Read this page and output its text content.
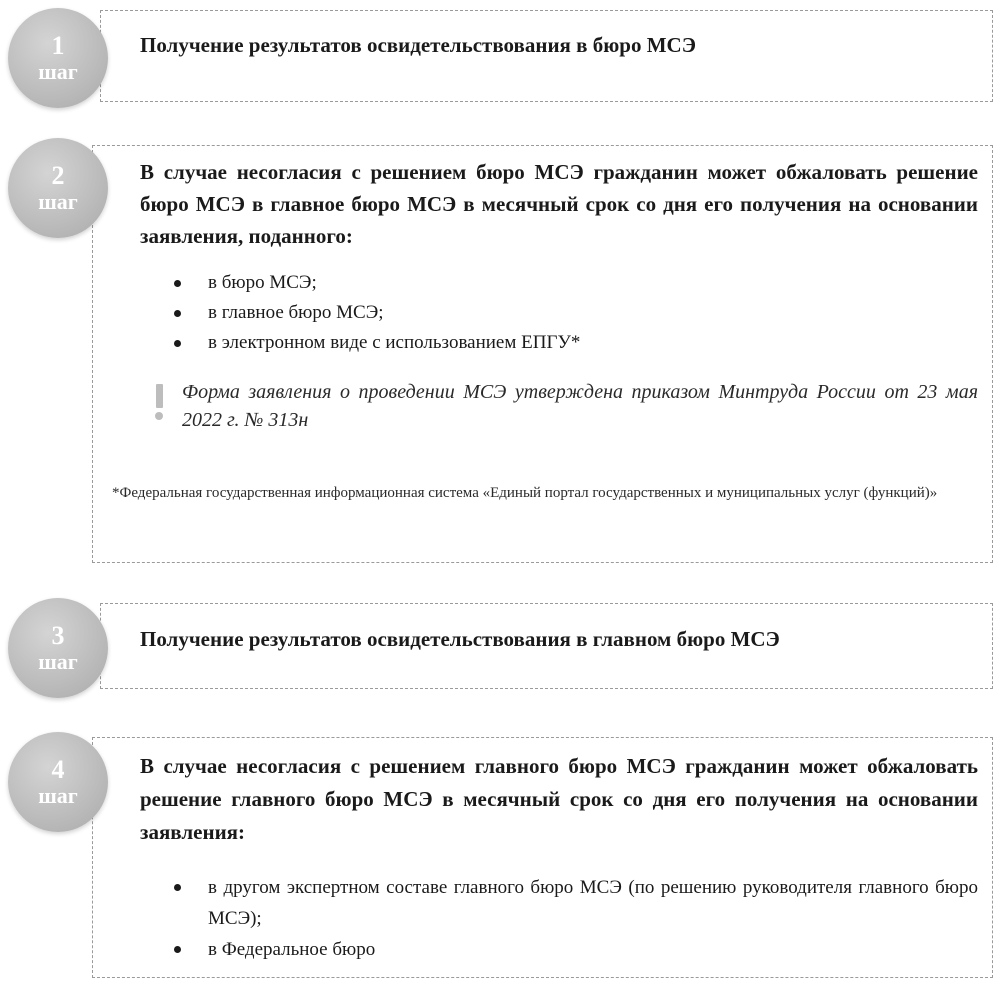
1
шаг
Получение результатов освидетельствования в бюро МСЭ
2
шаг
В случае несогласия с решением бюро МСЭ гражданин может обжаловать решение бюро МСЭ в главное бюро МСЭ в месячный срок со дня его получения на основании заявления, поданного:
в бюро МСЭ;
в главное бюро МСЭ;
в электронном виде с использованием ЕПГУ*
Форма заявления о проведении МСЭ утверждена приказом Минтруда России от 23 мая 2022 г. № 313н
*Федеральная государственная информационная система «Единый портал государственных и муниципальных услуг (функций)»
3
шаг
Получение результатов освидетельствования в главном бюро МСЭ
4
шаг
В случае несогласия с решением главного бюро МСЭ гражданин может обжаловать решение главного бюро МСЭ в месячный срок со дня его получения на основании заявления:
в другом экспертном составе главного бюро МСЭ (по решению руководителя главного бюро МСЭ);
в Федеральное бюро
